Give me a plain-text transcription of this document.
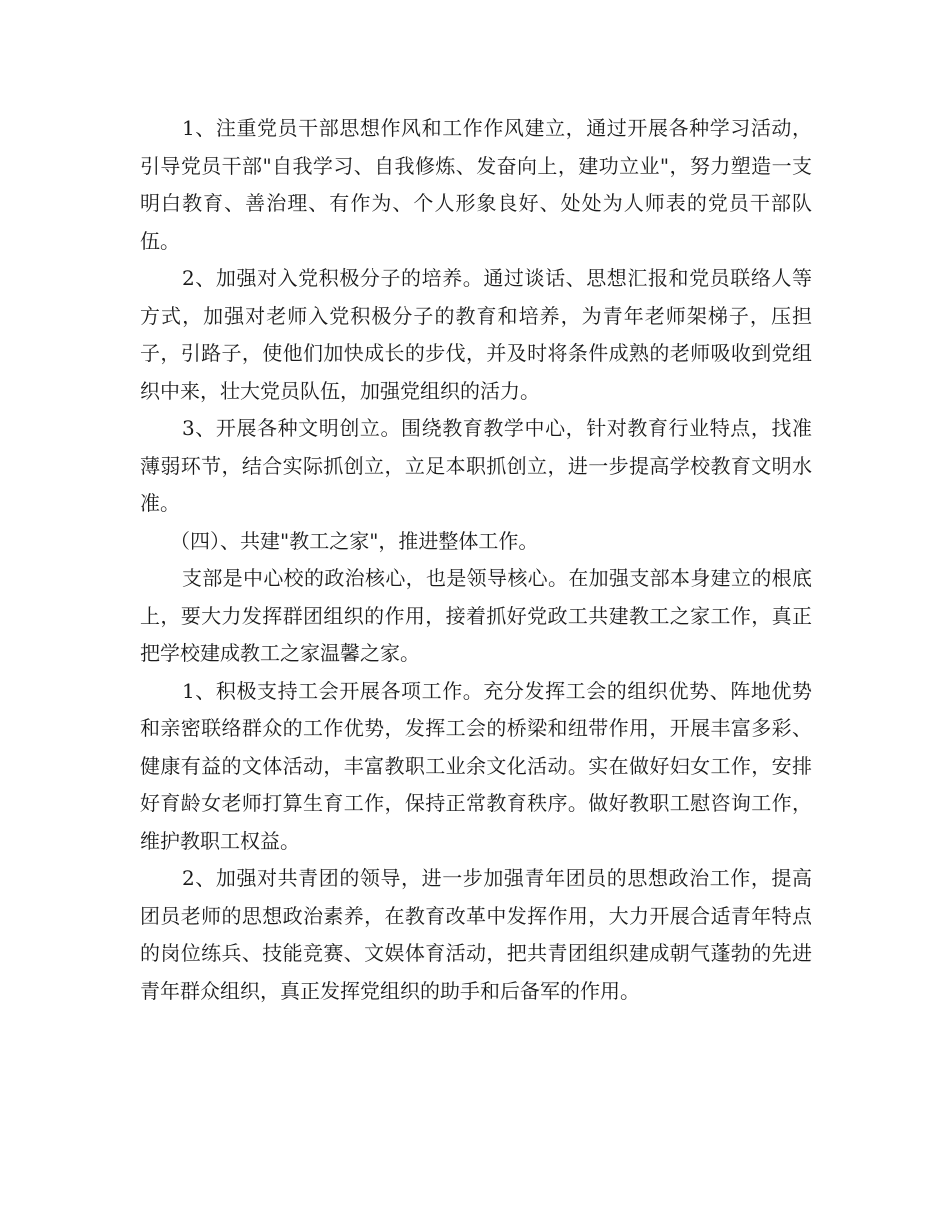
1、注重党员干部思想作风和工作作风建立，通过开展各种学习活动，引导党员干部"自我学习、自我修炼、发奋向上，建功立业"，努力塑造一支明白教育、善治理、有作为、个人形象良好、处处为人师表的党员干部队伍。

2、加强对入党积极分子的培养。通过谈话、思想汇报和党员联络人等方式，加强对老师入党积极分子的教育和培养，为青年老师架梯子，压担子，引路子，使他们加快成长的步伐，并及时将条件成熟的老师吸收到党组织中来，壮大党员队伍，加强党组织的活力。

3、开展各种文明创立。围绕教育教学中心，针对教育行业特点，找准薄弱环节，结合实际抓创立，立足本职抓创立，进一步提高学校教育文明水准。

（四）、共建"教工之家"，推进整体工作。

支部是中心校的政治核心，也是领导核心。在加强支部本身建立的根底上，要大力发挥群团组织的作用，接着抓好党政工共建教工之家工作，真正把学校建成教工之家温馨之家。

1、积极支持工会开展各项工作。充分发挥工会的组织优势、阵地优势和亲密联络群众的工作优势，发挥工会的桥梁和纽带作用，开展丰富多彩、健康有益的文体活动，丰富教职工业余文化活动。实在做好妇女工作，安排好育龄女老师打算生育工作，保持正常教育秩序。做好教职工慰咨询工作，维护教职工权益。

2、加强对共青团的领导，进一步加强青年团员的思想政治工作，提高团员老师的思想政治素养，在教育改革中发挥作用，大力开展合适青年特点的岗位练兵、技能竞赛、文娱体育活动，把共青团组织建成朝气蓬勃的先进青年群众组织，真正发挥党组织的助手和后备军的作用。
